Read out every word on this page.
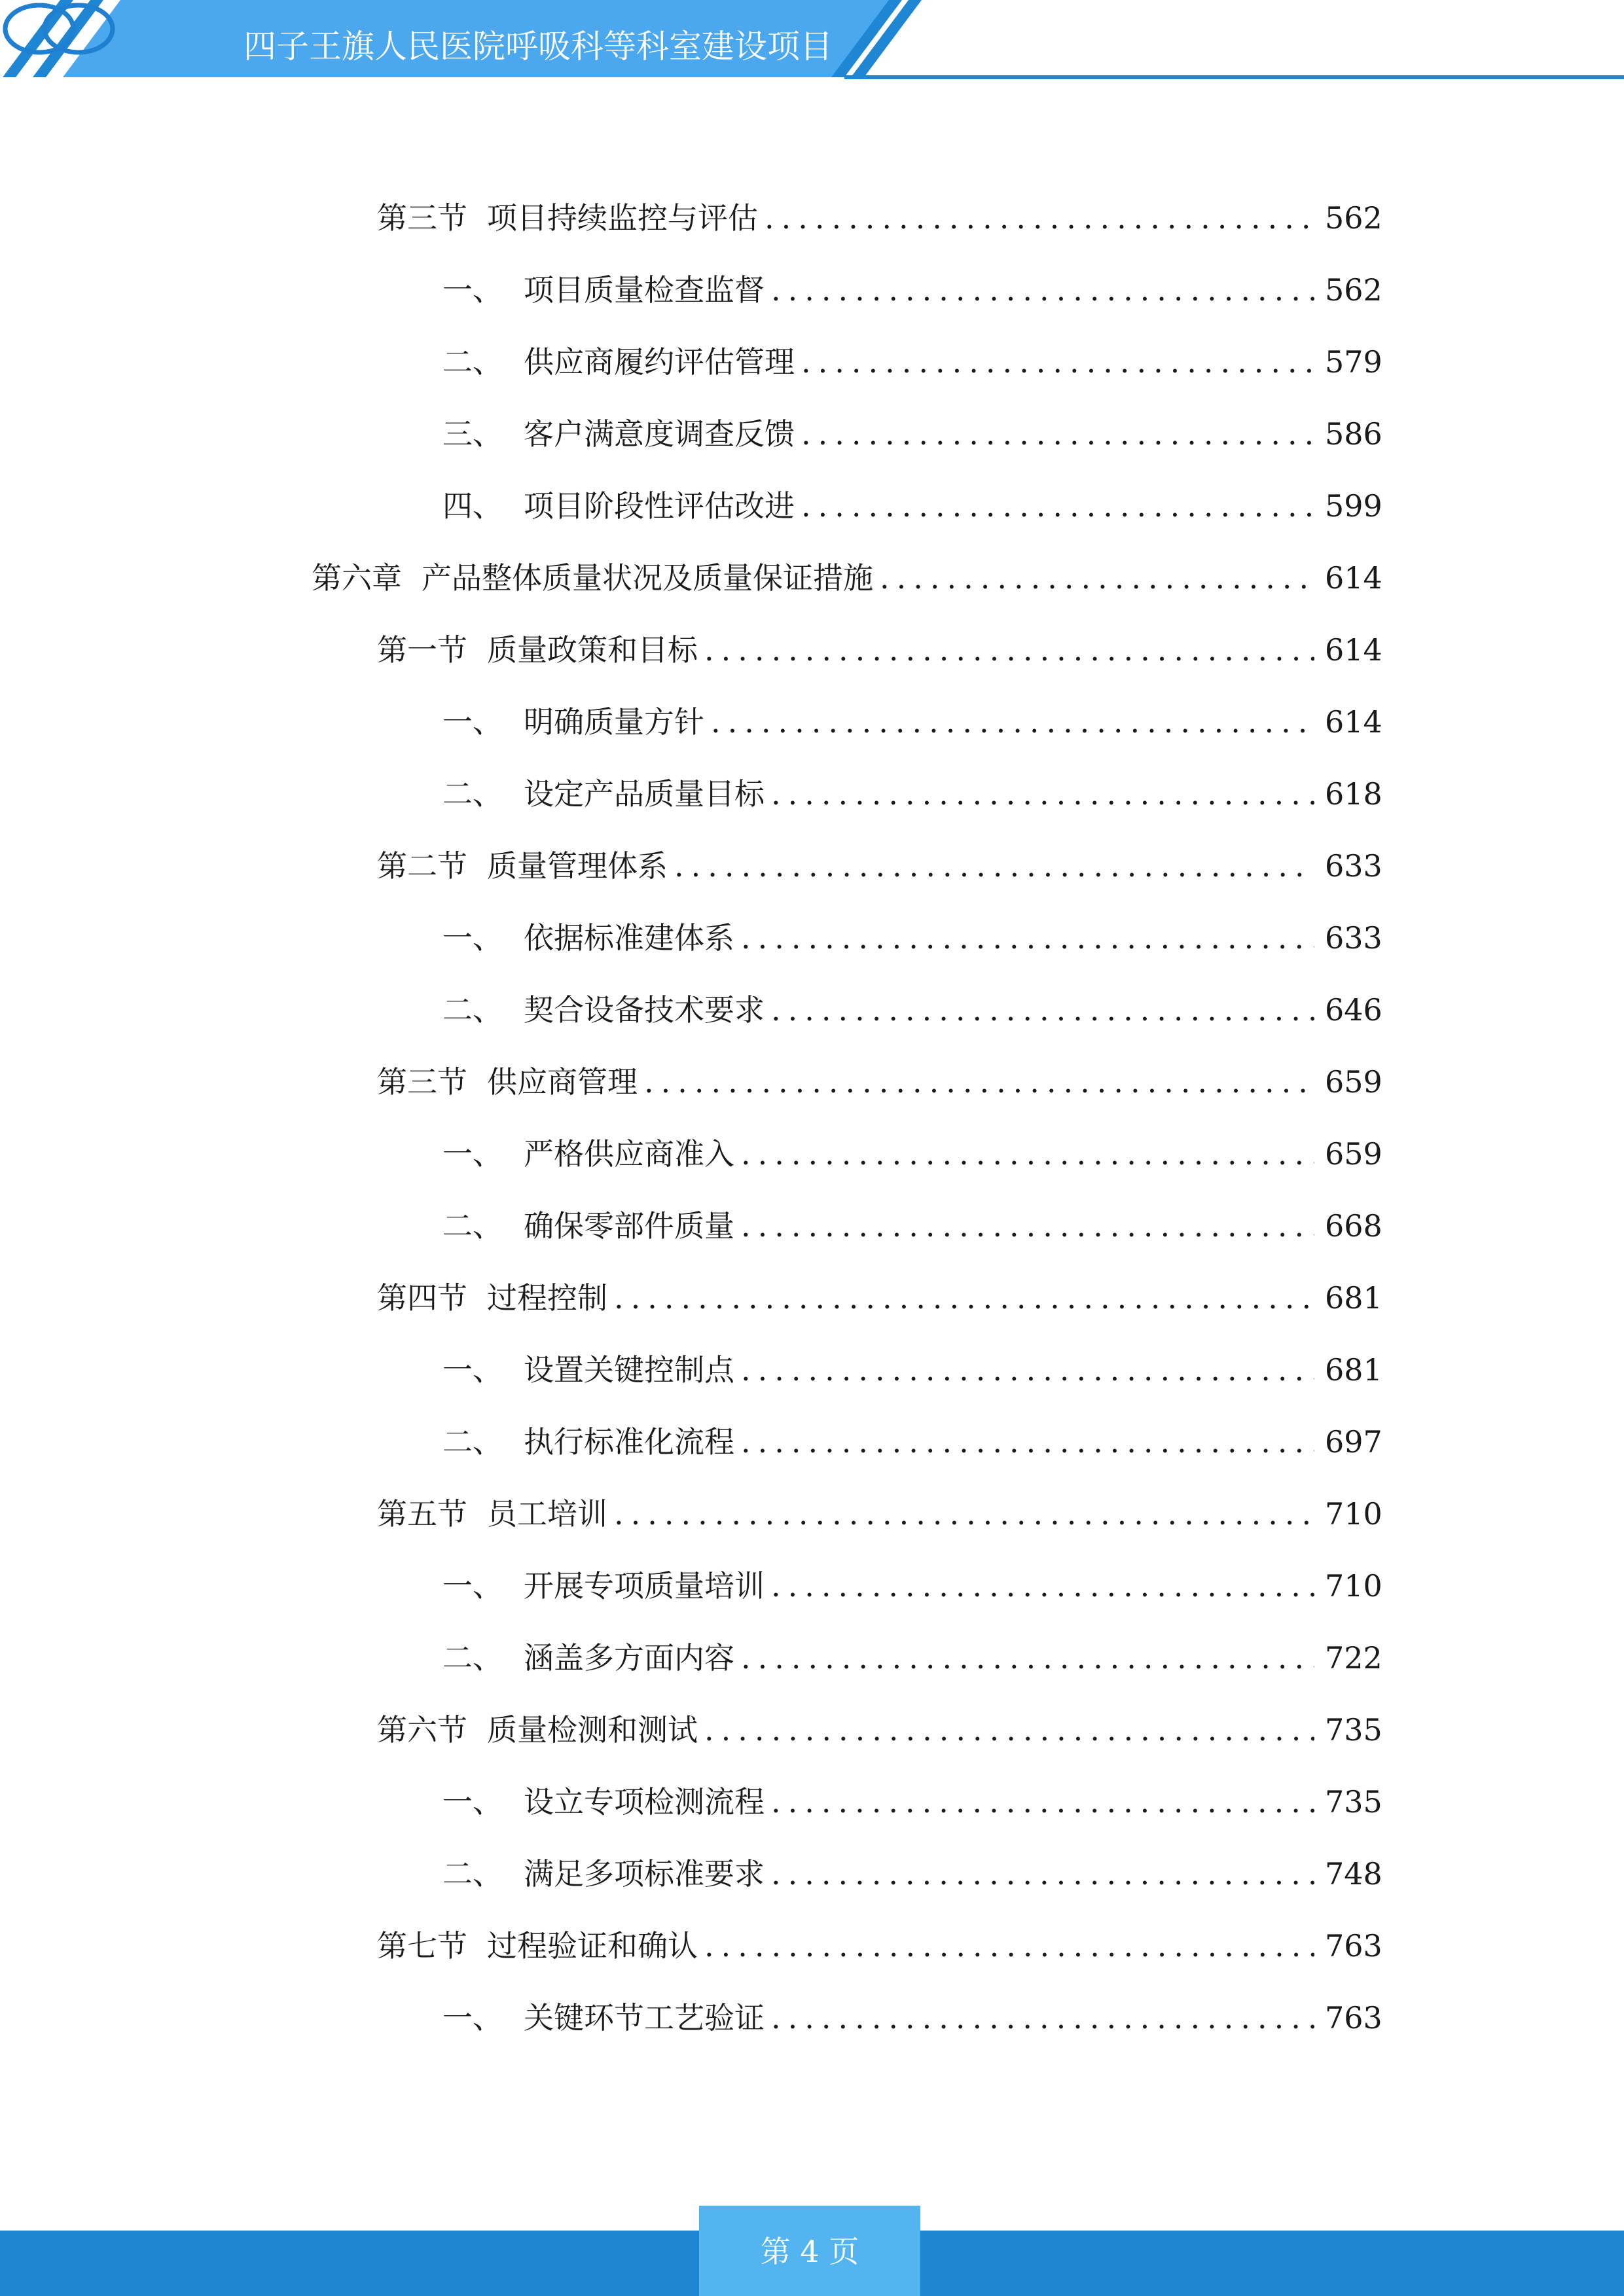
四子王旗人民医院呼吸科等科室建设项目
第三节 项目持续监控与评估 .....	562
一、 项目质量检查监督 .....	562
二、 供应商履约评估管理 .....	579
三、 客户满意度调查反馈 .....	586
四、 项目阶段性评估改进 .....	599
第六章 产品整体质量状况及质量保证措施 .....	614
第一节 质量政策和目标 .....	614
一、 明确质量方针 .....	614
二、 设定产品质量目标 .....	618
第二节 质量管理体系 .....	633
一、 依据标准建体系 .....	633
二、 契合设备技术要求 .....	646
第三节 供应商管理 .....	659
一、 严格供应商准入 .....	659
二、 确保零部件质量 .....	668
第四节 过程控制 .....	681
一、 设置关键控制点 .....	681
二、 执行标准化流程 .....	697
第五节 员工培训 .....	710
一、 开展专项质量培训 .....	710
二、 涵盖多方面内容 .....	722
第六节 质量检测和测试 .....	735
一、 设立专项检测流程 .....	735
二、 满足多项标准要求 .....	748
第七节 过程验证和确认 .....	763
一、 关键环节工艺验证 .....	763
第 4 页
